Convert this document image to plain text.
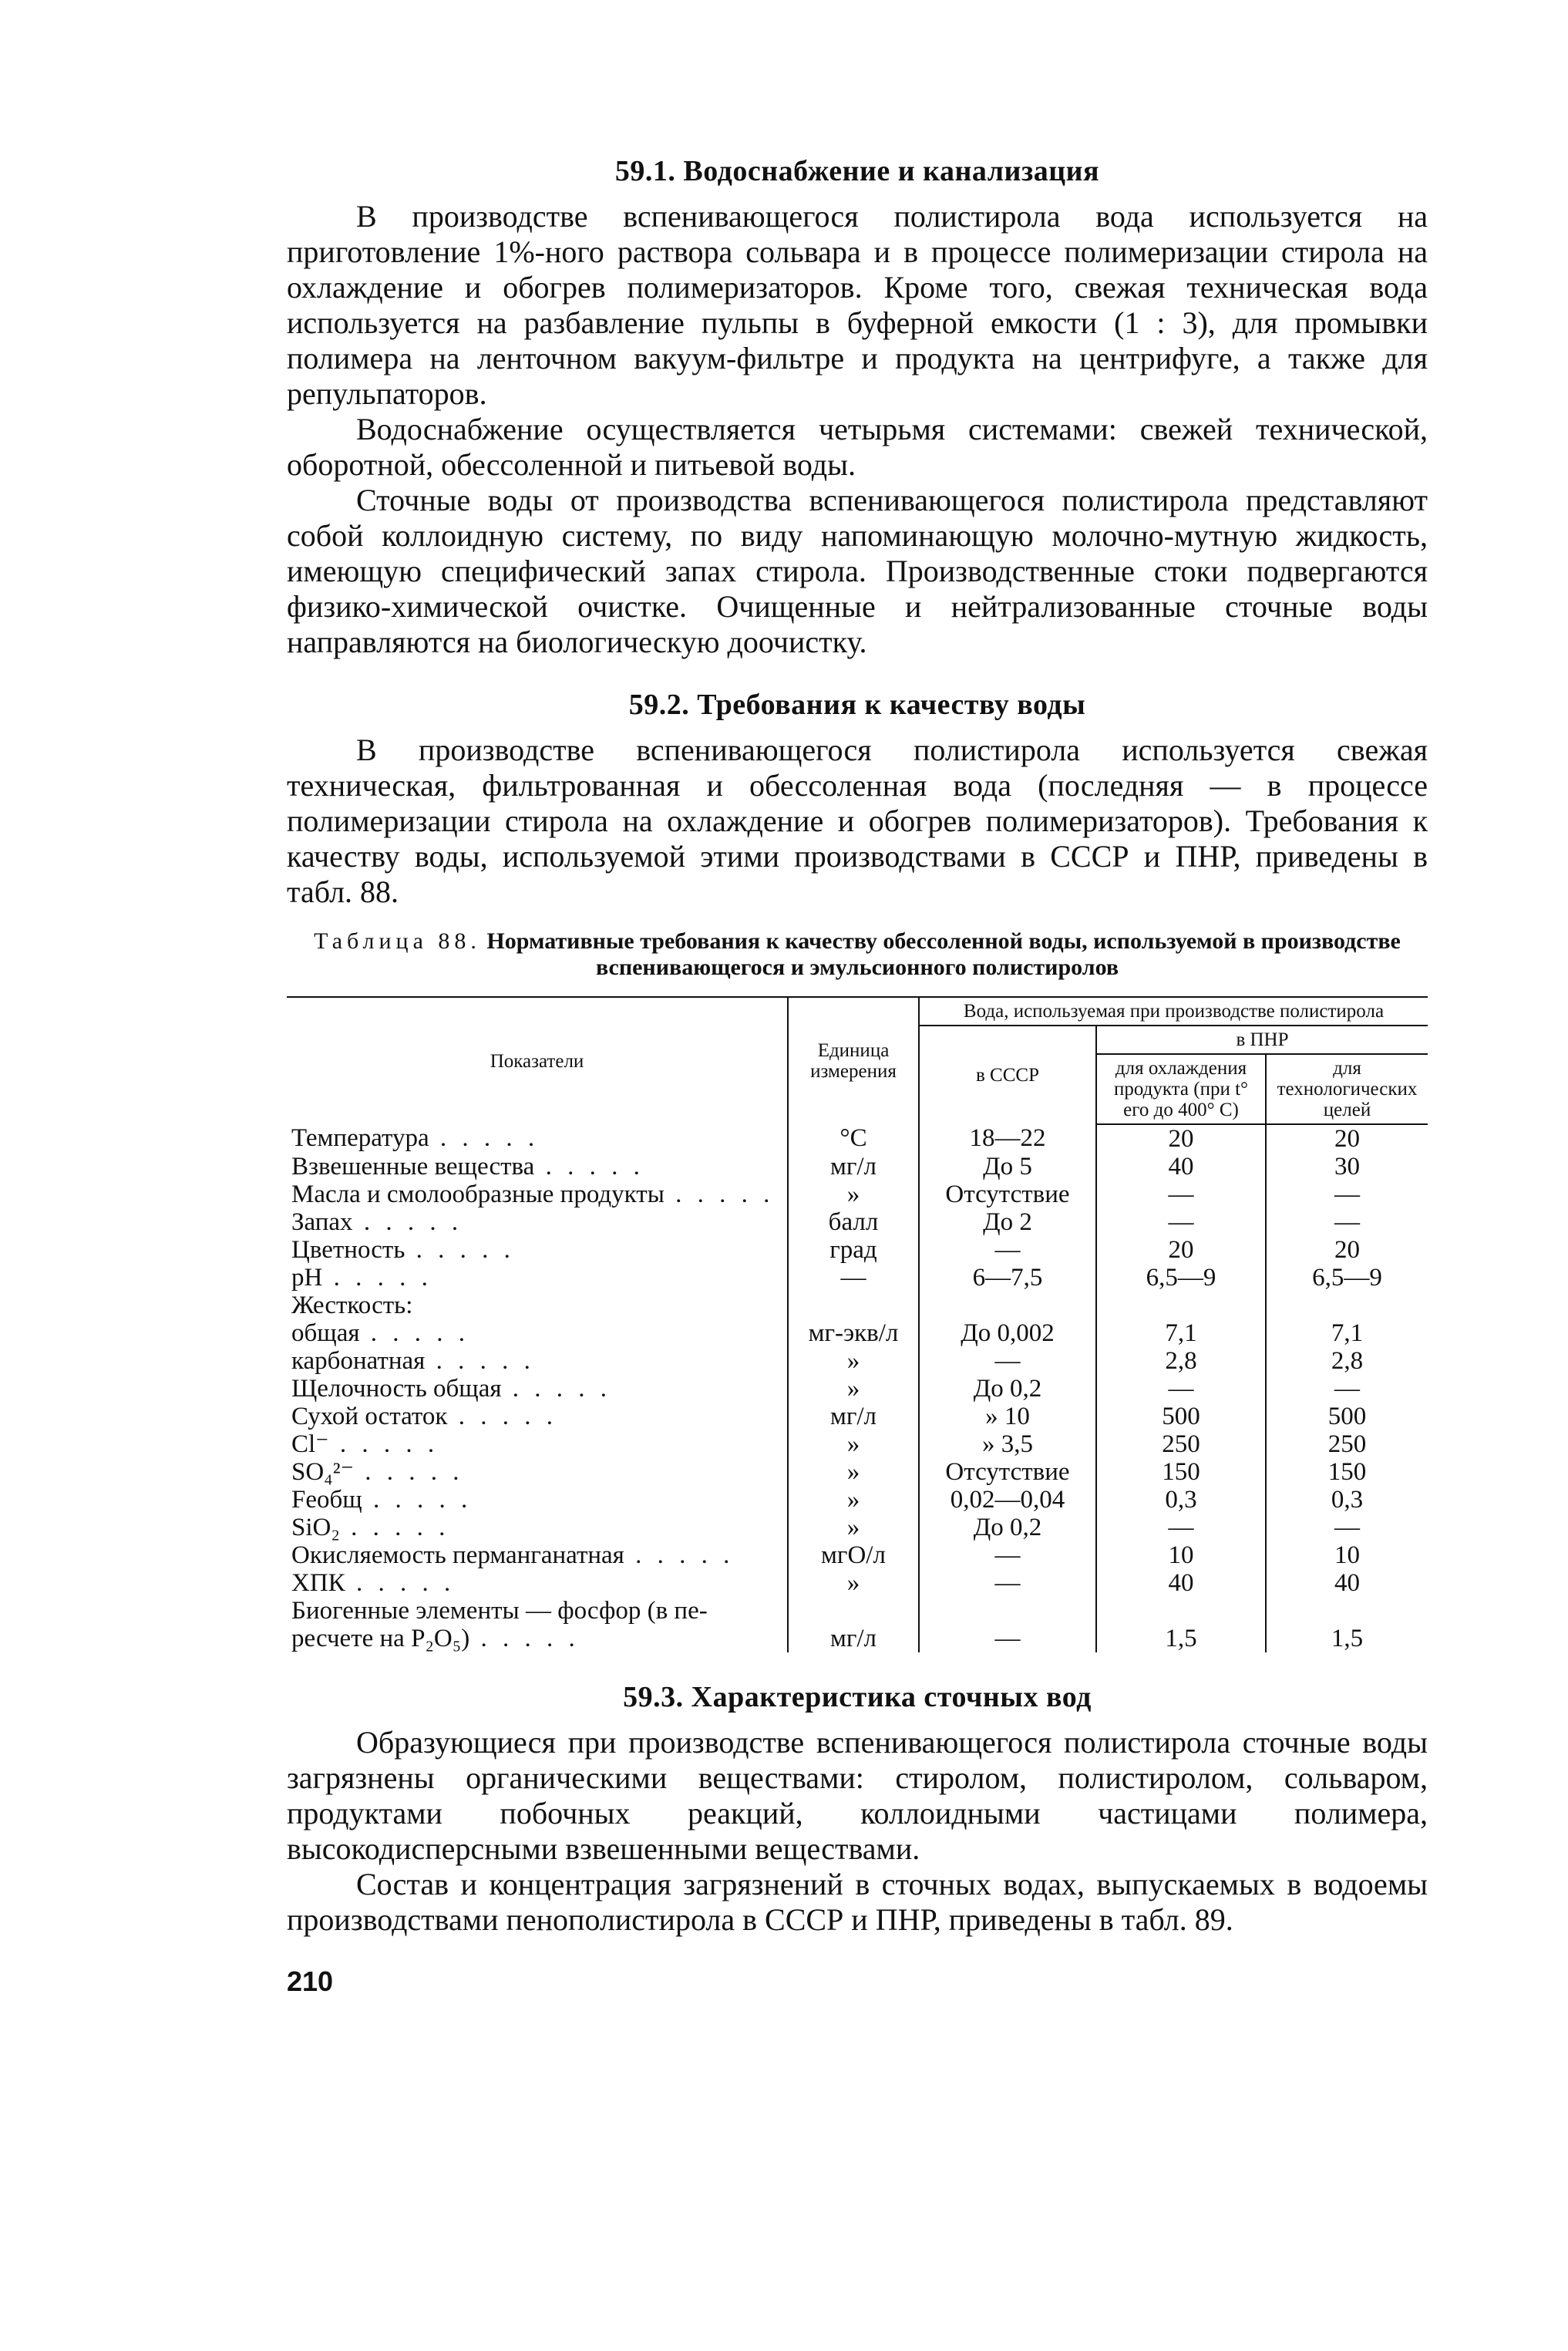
59.1. Водоснабжение и канализация

В производстве вспенивающегося полистирола вода используется на приготовление 1%-ного раствора сольвара и в процессе полимеризации стирола на охлаждение и обогрев полимеризаторов. Кроме того, свежая техническая вода используется на разбавление пульпы в буферной емкости (1 : 3), для промывки полимера на ленточном вакуум-фильтре и продукта на центрифуге, а также для репульпаторов.

Водоснабжение осуществляется четырьмя системами: свежей технической, оборотной, обессоленной и питьевой воды.

Сточные воды от производства вспенивающегося полистирола представляют собой коллоидную систему, по виду напоминающую молочно-мутную жидкость, имеющую специфический запах стирола. Производственные стоки подвергаются физико-химической очистке. Очищенные и нейтрализованные сточные воды направляются на биологическую доочистку.

59.2. Требования к качеству воды

В производстве вспенивающегося полистирола используется свежая техническая, фильтрованная и обессоленная вода (последняя — в процессе полимеризации стирола на охлаждение и обогрев полимеризаторов). Требования к качеству воды, используемой этими производствами в СССР и ПНР, приведены в табл. 88.

Таблица 88. Нормативные требования к качеству обессоленной воды, используемой в производстве вспенивающегося и эмульсионного полистиролов
Показатели	Единица измерения	Вода, используемая при производстве полистирола		
		в СССР	в ПНР	
			для охлаждения продукта (при t° его до 400° С)	для технологических целей
Температура . . . . .	°С	18—22	20	20
Взвешенные вещества . . . . .	мг/л	До 5	40	30
Масла и смолообразные продукты . . . . .	»	Отсутствие	—	—
Запах . . . . .	балл	До 2	—	—
Цветность . . . . .	град	—	20	20
рН . . . . .	—	6—7,5	6,5—9	6,5—9
Жесткость:				
общая . . . . .	мг-экв/л	До 0,002	7,1	7,1
карбонатная . . . . .	»	—	2,8	2,8
Щелочность общая . . . . .	»	До 0,2	—	—
Сухой остаток . . . . .	мг/л	» 10	500	500
Cl⁻ . . . . .	»	» 3,5	250	250
SO₄²⁻ . . . . .	»	Отсутствие	150	150
Feобщ . . . . .	»	0,02—0,04	0,3	0,3
SiO₂ . . . . .	»	До 0,2	—	—
Окисляемость перманганатная . . . . .	мгО/л	—	10	10
ХПК . . . . .	»	—	40	40
Биогенные элементы — фосфор (в пе-				
ресчете на P₂O₅) . . . . .	мг/л	—	1,5	1,5
59.3. Характеристика сточных вод

Образующиеся при производстве вспенивающегося полистирола сточные воды загрязнены органическими веществами: стиролом, полистиролом, сольваром, продуктами побочных реакций, коллоидными частицами полимера, высокодисперсными взвешенными веществами.

Состав и концентрация загрязнений в сточных водах, выпускаемых в водоемы производствами пенополистирола в СССР и ПНР, приведены в табл. 89.

210
